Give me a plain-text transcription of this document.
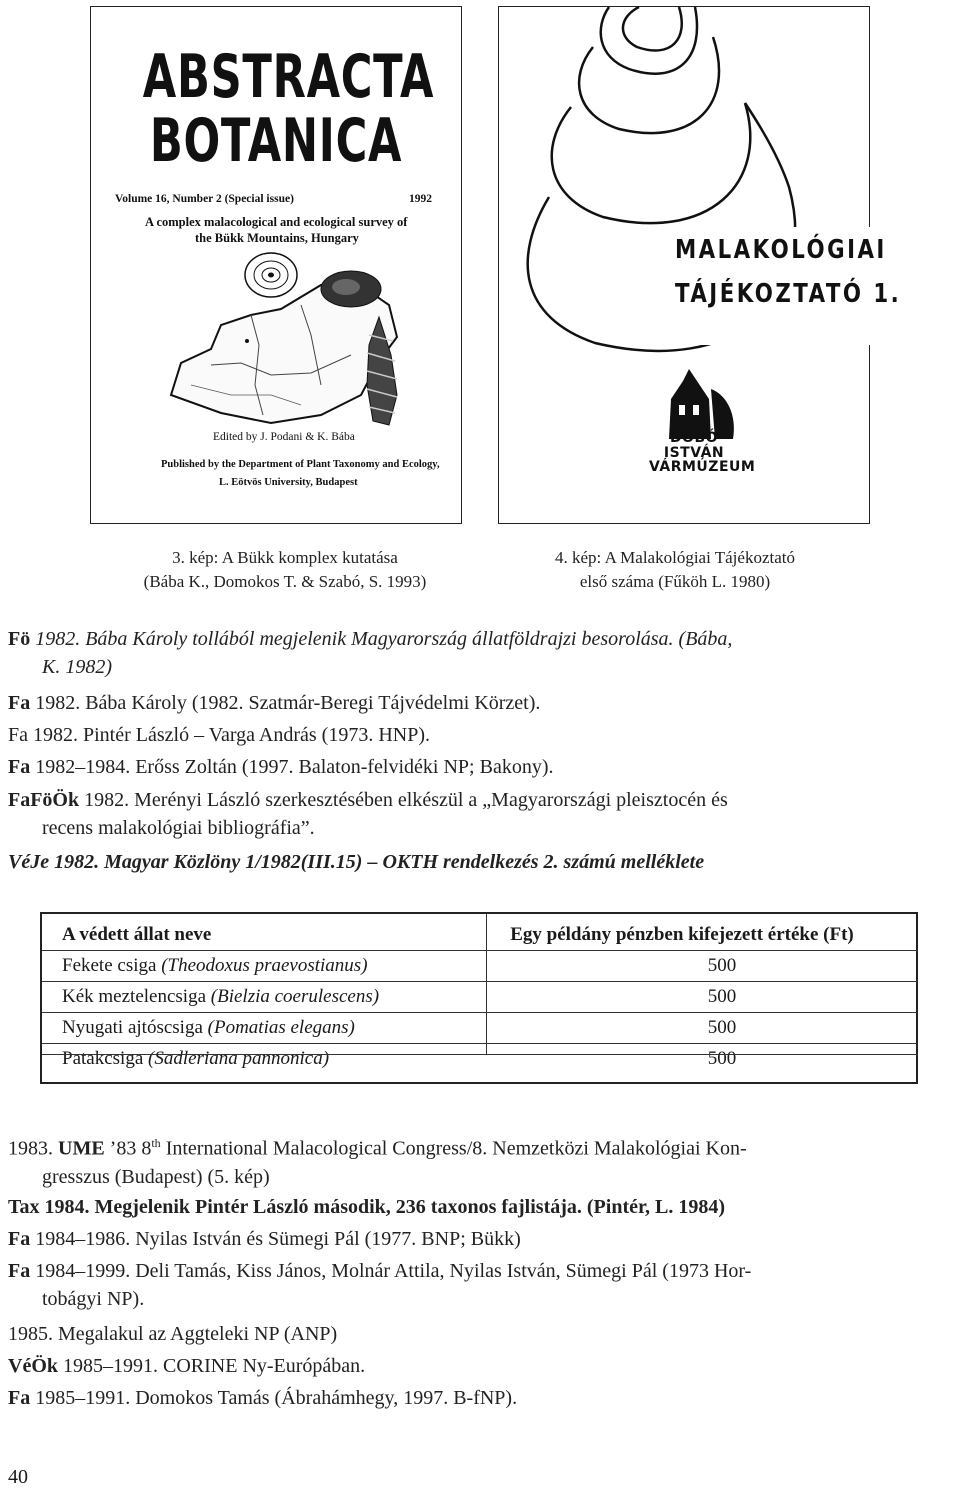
ABSTRACTA
BOTANICA
Volume 16, Number 2 (Special issue)	1992
A complex malacological and ecological survey of
the Bükk Mountains, Hungary
Edited by J. Podani & K. Bába
Published by the Department of Plant Taxonomy and Ecology,
L. Eötvös University, Budapest
MALAKOLÓGIAI
TÁJÉKOZTATÓ 1.
DOBÓ
ISTVÁN
VÁRMÚZEUM
3. kép: A Bükk komplex kutatása
(Bába K., Domokos T. & Szabó, S. 1993)
4. kép: A Malakológiai Tájékoztató
első száma (Fűköh L. 1980)
Fö 1982. Bába Károly tollából megjelenik Magyarország állatföldrajzi besorolása. (Bába,
K. 1982)
Fa 1982. Bába Károly (1982. Szatmár-Beregi Tájvédelmi Körzet).
Fa 1982. Pintér László – Varga András (1973. HNP).
Fa 1982–1984. Erőss Zoltán (1997. Balaton-felvidéki NP; Bakony).
FaFöÖk 1982. Merényi László szerkesztésében elkészül a „Magyarországi pleisztocén és
recens malakológiai bibliográfia”.
VéJe 1982. Magyar Közlöny 1/1982(III.15) – OKTH rendelkezés 2. számú melléklete
A védett állat neve	Egy példány pénzben kifejezett értéke (Ft)
Fekete csiga (Theodoxus praevostianus)	500
Kék meztelencsiga (Bielzia coerulescens)	500
Nyugati ajtóscsiga (Pomatias elegans)	500
Patakcsiga (Sadleriana pannonica)	500
1983. UME ’83 8th International Malacological Congress/8. Nemzetközi Malakológiai Kon-
gresszus (Budapest) (5. kép)
Tax 1984. Megjelenik Pintér László második, 236 taxonos fajlistája. (Pintér, L. 1984)
Fa 1984–1986. Nyilas István és Sümegi Pál (1977. BNP; Bükk)
Fa 1984–1999. Deli Tamás, Kiss János, Molnár Attila, Nyilas István, Sümegi Pál (1973 Hor-
tobágyi NP).
1985. Megalakul az Aggteleki NP (ANP)
VéÖk 1985–1991. CORINE Ny-Európában.
Fa 1985–1991. Domokos Tamás (Ábrahámhegy, 1997. B-fNP).
40
